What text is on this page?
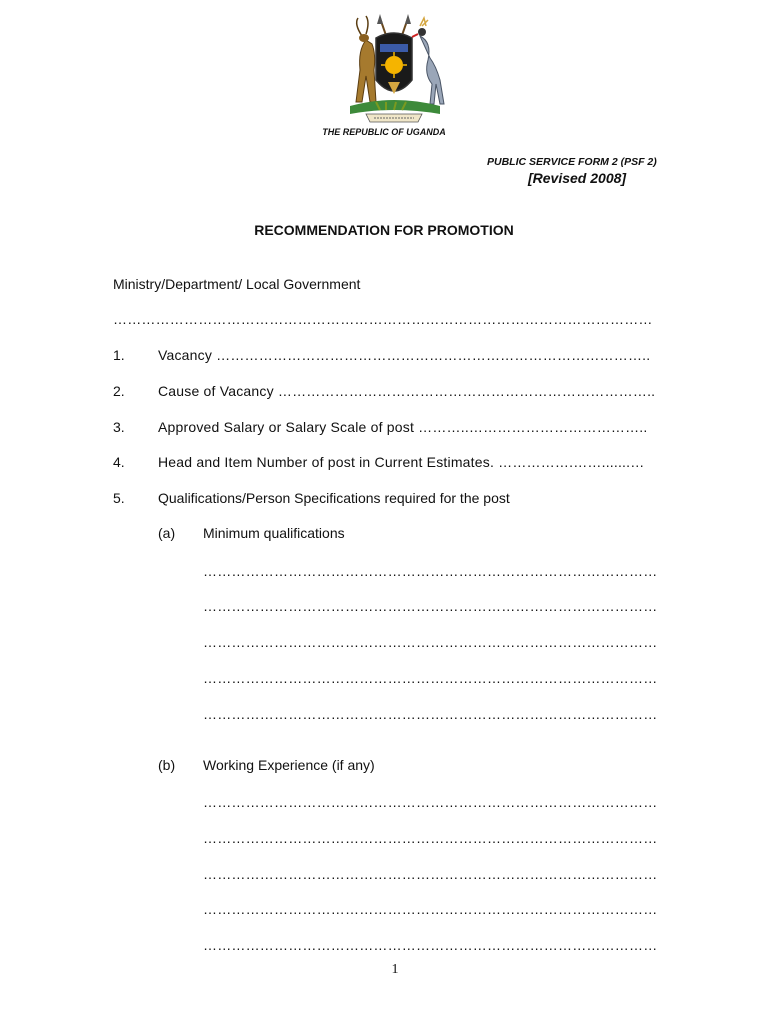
THE REPUBLIC OF UGANDA
PUBLIC SERVICE FORM 2 (PSF 2)
[Revised 2008]
RECOMMENDATION FOR PROMOTION
Ministry/Department/ Local Government
……………………………………………………………………………………………………
1. Vacancy ………………………………………………………………………………..
2. Cause of Vacancy ……………………………………………………………………..
3. Approved Salary or Salary Scale of post ………..………………………………..
4. Head and Item Number of post in Current Estimates. …………….…….......…
5. Qualifications/Person Specifications required for the post
(a) Minimum qualifications
……………………………………………………………………………………
……………………………………………………………………………………
……………………………………………………………………………………
……………………………………………………………………………………
……………………………………………………………………………………
(b) Working Experience (if any)
……………………………………………………………………………………
……………………………………………………………………………………
……………………………………………………………………………………
……………………………………………………………………………………
……………………………………………………………………………………
1
